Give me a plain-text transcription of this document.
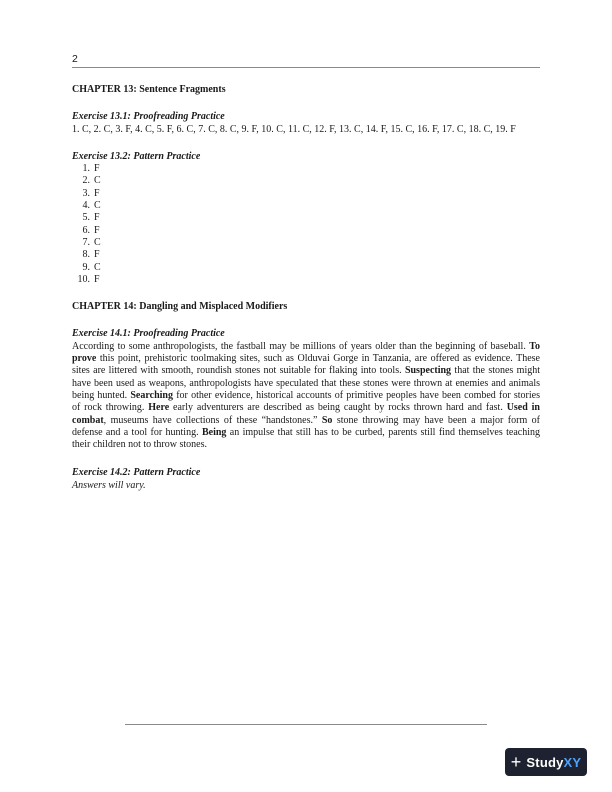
2

CHAPTER 13: Sentence Fragments

Exercise 13.1: Proofreading Practice

1. C, 2. C, 3. F, 4. C, 5. F, 6. C, 7. C, 8. C, 9. F, 10. C, 11. C, 12. F, 13. C, 14. F, 15. C, 16. F, 17. C, 18. C, 19. F

Exercise 13.2: Pattern Practice

1. F
2. C
3. F
4. C
5. F
6. F
7. C
8. F
9. C
10. F

CHAPTER 14: Dangling and Misplaced Modifiers

Exercise 14.1: Proofreading Practice

According to some anthropologists, the fastball may be millions of years older than the beginning of baseball. To prove this point, prehistoric toolmaking sites, such as Olduvai Gorge in Tanzania, are offered as evidence. These sites are littered with smooth, roundish stones not suitable for flaking into tools. Suspecting that the stones might have been used as weapons, anthropologists have speculated that these stones were thrown at enemies and animals being hunted. Searching for other evidence, historical accounts of primitive peoples have been combed for stories of rock throwing. Here early adventurers are described as being caught by rocks thrown hard and fast. Used in combat, museums have collections of these “handstones.” So stone throwing may have been a major form of defense and a tool for hunting. Being an impulse that still has to be curbed, parents still find themselves teaching their children not to throw stones.

Exercise 14.2: Pattern Practice

Answers will vary.

+ Study XY
